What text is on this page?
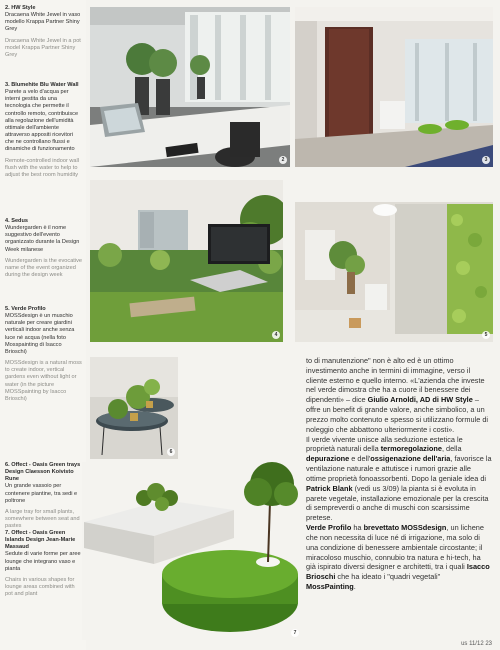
2. HW Style

Dracaena White Jewel in vaso modello Krappa Partner Shiny Grey

Dracaena White Jewel in a pot model Krappa Partner Shiny Grey

3. Blumehite Blu Water Wall

Parete a velo d'acqua per interni gestita da una tecnologia che permette il controllo remoto, contribuisce alla regolazione dell'umidità ottimale dell'ambiente attraverso appositi ricevitori che ne controllano flussi e dinamiche di funzionamento

Remote-controlled indoor wall flush with the water to help to adjust the best room humidity

4. Sedus

Wundergarden è il nome suggestivo dell'evento organizzato durante la Design Week milanese

Wundergarden is the evocative name of the event organized during the design week

5. Verde Profilo

MOSSdesign è un muschio naturale per creare giardini verticali indoor anche senza luce né acqua (nella foto Mosspainting di Isacco Brioschi)

MOSSdesign is a natural moss to create indoor, vertical gardens even without light or water (in the picture MOSSpainting by Isacco Brioschi)

6. Offect - Oasis Green trays Design Claesson Koivisto Rune

Un grande vassoio per contenere piantine, tra sedi e poltrone

A large tray for small plants, somewhere between seat and pastes

7. Offect - Oasis Green Islands Design Jean-Marie Massaud

Sedute di varie forme per aree lounge che integrano vaso e pianta

Chairs in various shapes for lounge areas combined with pot and plant

2	3
4	5
6
7

to di manutenzione" non è alto ed è un ottimo investimento anche in termini di immagine, verso il cliente esterno e quello interno. «L'azienda che investe nel verde dimostra che ha a cuore il benessere dei dipendenti» – dice Giulio Arnoldi, AD di HW Style – offre un benefit di grande valore, anche simbolico, a un prezzo molto contenuto e spesso si utilizzano formule di noleggio che abbattono ulteriormente i costi».
Il verde vivente unisce alla seduzione estetica le proprietà naturali della termoregolazione, della depurazione e dell'ossigenazione dell'aria, favorisce la ventilazione naturale e attutisce i rumori grazie alle ottime proprietà fonoassorbenti. Dopo la geniale idea di Patrick Blank (vedi us 3/09) la pianta si è evoluta in parete vegetale, installazione emozionale per la crescita di sempreverdi o anche di muschi con scarsissime pretese.
Verde Profilo ha brevettato MOSSdesign, un lichene che non necessita di luce né di irrigazione, ma solo di una condizione di benessere ambientale circostante; il miracoloso muschio, connubio tra natura e hi-tech, ha già ispirato diversi designer e architetti, tra i quali Isacco Brioschi che ha ideato i "quadri vegetali" MossPainting.

us 11/12 23
